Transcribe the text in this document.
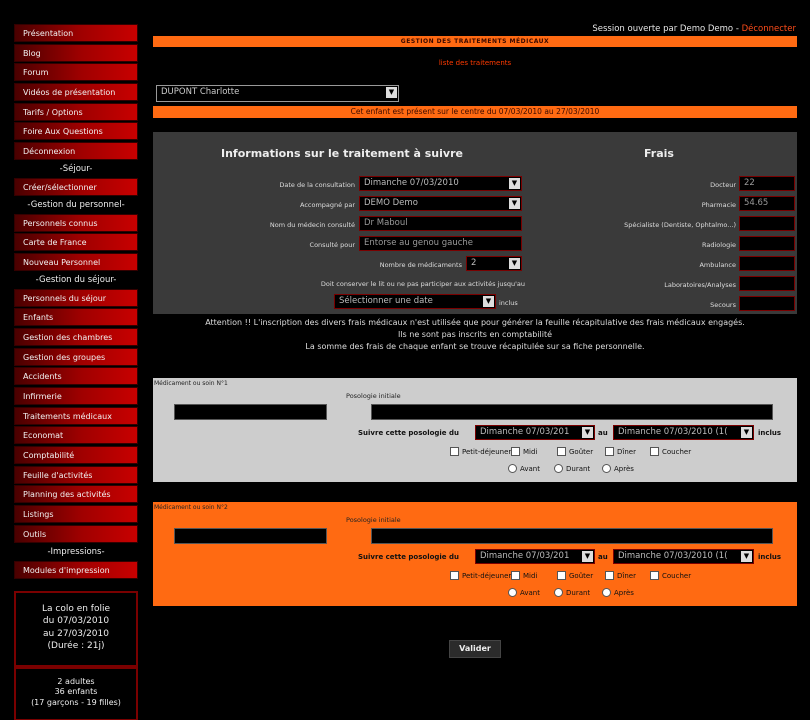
Présentation
Blog
Forum
Vidéos de présentation
Tarifs / Options
Foire Aux Questions
Déconnexion
-Séjour-
Créer/sélectionner
-Gestion du personnel-
Personnels connus
Carte de France
Nouveau Personnel
-Gestion du séjour-
Personnels du séjour
Enfants
Gestion des chambres
Gestion des groupes
Accidents
Infirmerie
Traitements médicaux
Economat
Comptabilité
Feuille d'activités
Planning des activités
Listings
Outils
-Impressions-
Modules d'impression
La colo en folie
du 07/03/2010
au 27/03/2010
(Durée : 21j)
2 adultes
36 enfants
(17 garçons - 19 filles)
Session ouverte par Demo Demo - Déconnecter
GESTION DES TRAITEMENTS MÉDICAUX
liste des traitements
DUPONT Charlotte	▼
Cet enfant est présent sur le centre du 07/03/2010 au 27/03/2010
Informations sur le traitement à suivre	Frais
Date de la consultation	Dimanche 07/03/2010	▼
Accompagné par	DEMO Demo	▼
Nom du médecin consulté	Dr Maboul
Consulté pour	Entorse au genou gauche
Nombre de médicaments	2	▼
Doit conserver le lit ou ne pas participer aux activités jusqu'au
Sélectionner une date	▼	inclus
Docteur 22
Pharmacie 54.65
Spécialiste (Dentiste, Ophtalmo...)
Radiologie
Ambulance
Laboratoires/Analyses
Secours
Attention !! L'inscription des divers frais médicaux n'est utilisée que pour générer la feuille récapitulative des frais médicaux engagés.
Ils ne sont pas inscrits en comptabilité
La somme des frais de chaque enfant se trouve récapitulée sur sa fiche personnelle.
Médicament ou soin N°1
Posologie initiale
Suivre cette posologie du	Dimanche 07/03/201	▼	au	Dimanche 07/03/2010 (1(	▼	inclus
Petit-déjeuner	Midi	Goûter	Dîner	Coucher
Avant	Durant	Après
Médicament ou soin N°2
Posologie initiale
Suivre cette posologie du	Dimanche 07/03/201	▼	au	Dimanche 07/03/2010 (1(	▼	inclus
Petit-déjeuner	Midi	Goûter	Dîner	Coucher
Avant	Durant	Après
Valider
